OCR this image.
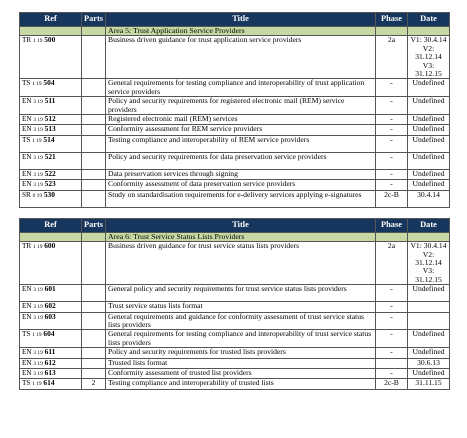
Ref	Parts	Title	Phase	Date
		Area 5: Trust Application Service Providers		
TR 1 19 500		Business driven guidance for trust application service providers	2a	V1: 30.4.14
V2: 31.12.14
V3: 31.12.15
TS 1 19 504		General requirements for testing compliance and interoperability of trust application service providers	-	Undefined
EN 3 19 511		Policy and security requirements for registered electronic mail (REM) service providers	-	Undefined
EN 3 19 512		Registered electronic mail (REM) services	-	Undefined
EN 3 19 513		Conformity assessment for REM service providers	-	Undefined
TS 1 19 514		Testing compliance and interoperability of REM service providers	-	Undefined
EN 3 19 521		Policy and security requirements for data preservation service providers	-	Undefined
EN 3 19 522		Data preservation services through signing	-	Undefined
EN 3 19 523		Conformity assessment of data preservation service providers	-	Undefined
SR 0 19 530		Study on standardisation requirements for e-delivery services applying e-signatures	2c-B	30.4.14
Ref	Parts	Title	Phase	Date
		Area 6: Trust Service Status Lists Providers		
TR 1 19 600		Business driven guidance for trust service status lists providers	2a	V1: 30.4.14
V2: 31.12.14
V3: 31.12.15
EN 3 19 601		General policy and security requirements for trust service status lists providers	-	Undefined
EN 3 19 602		Trust service status lists format	-	
EN 3 19 603		General requirements and guidance for conformity assessment of trust service status lists providers	-	
TS 1 19 604		General requirements for testing compliance and interoperability of trust service status lists providers	-	Undefined
EN 3 19 611		Policy and security requirements for trusted lists providers	-	Undefined
EN 3 19 612		Trusted lists format		30.6.13
EN 3 19 613		Conformity assessment of trusted list providers	-	Undefined
TS 1 19 614	2	Testing compliance and interoperability of trusted lists	2c-B	31.11.15
